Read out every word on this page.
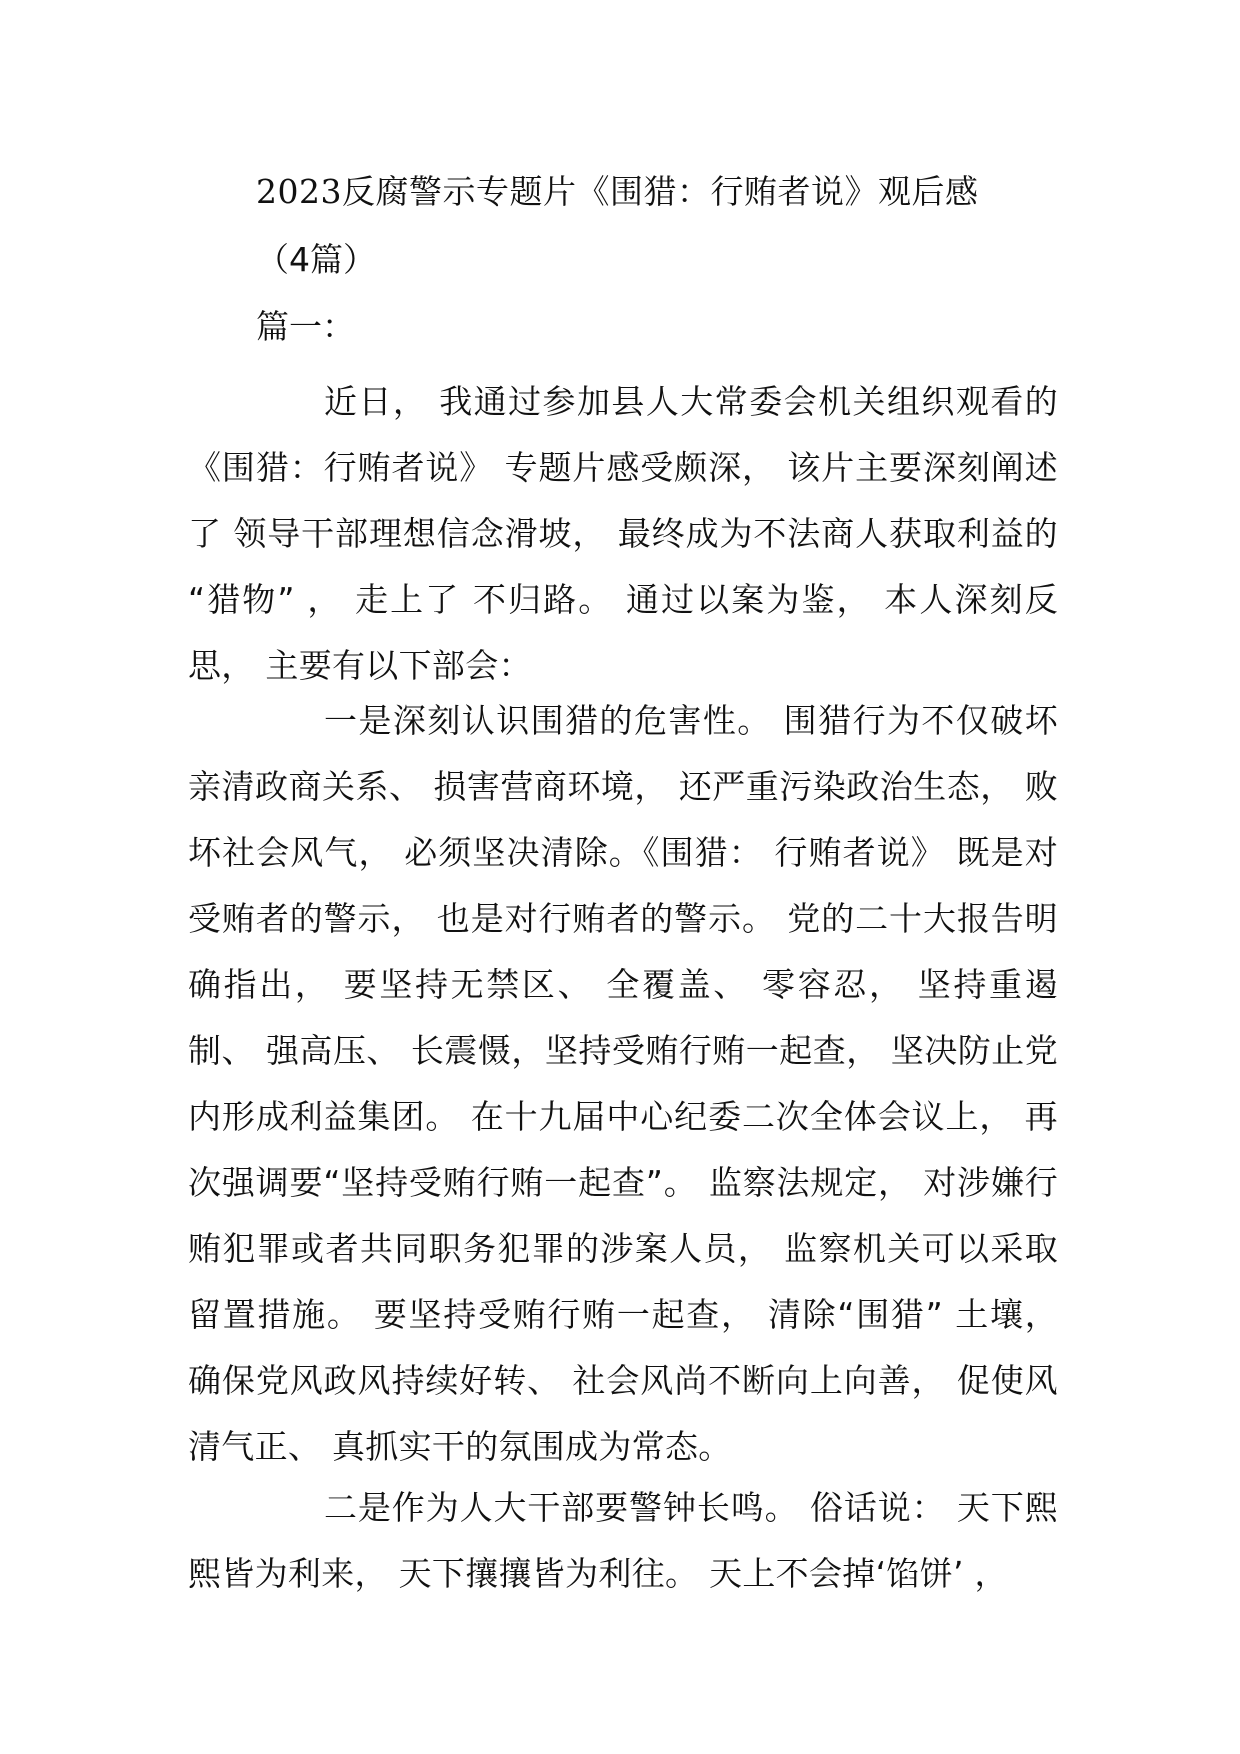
2023反腐警示专题片《围猎：行贿者说》观后感
（4篇）
篇一：

近日， 我通过参加县人大常委会机关组织观看的《围猎：行贿者说》 专题片感受颇深， 该片主要深刻阐述了 领导干部理想信念滑坡， 最终成为不法商人获取利益的 “猎物” ， 走上了 不归路。 通过以案为鉴， 本人深刻反思， 主要有以下部会：

一是深刻认识围猎的危害性。 围猎行为不仅破坏亲清政商关系、 损害营商环境， 还严重污染政治生态， 败坏社会风气， 必须坚决清除。《围猎： 行贿者说》 既是对受贿者的警示， 也是对行贿者的警示。 党的二十大报告明确指出， 要坚持无禁区、 全覆盖、 零容忍， 坚持重遏制、 强高压、 长震慑，坚持受贿行贿一起查， 坚决防止党内形成利益集团。 在十九届中心纪委二次全体会议上， 再次强调要“坚持受贿行贿一起查”。 监察法规定， 对涉嫌行贿犯罪或者共同职务犯罪的涉案人员， 监察机关可以采取留置措施。 要坚持受贿行贿一起查， 清除“围猎” 土壤， 确保党风政风持续好转、 社会风尚不断向上向善， 促使风清气正、 真抓实干的氛围成为常态。

二是作为人大干部要警钟长鸣。 俗话说： 天下熙熙皆为利来， 天下攘攘皆为利往。 天上不会掉‘馅饼’ ，
